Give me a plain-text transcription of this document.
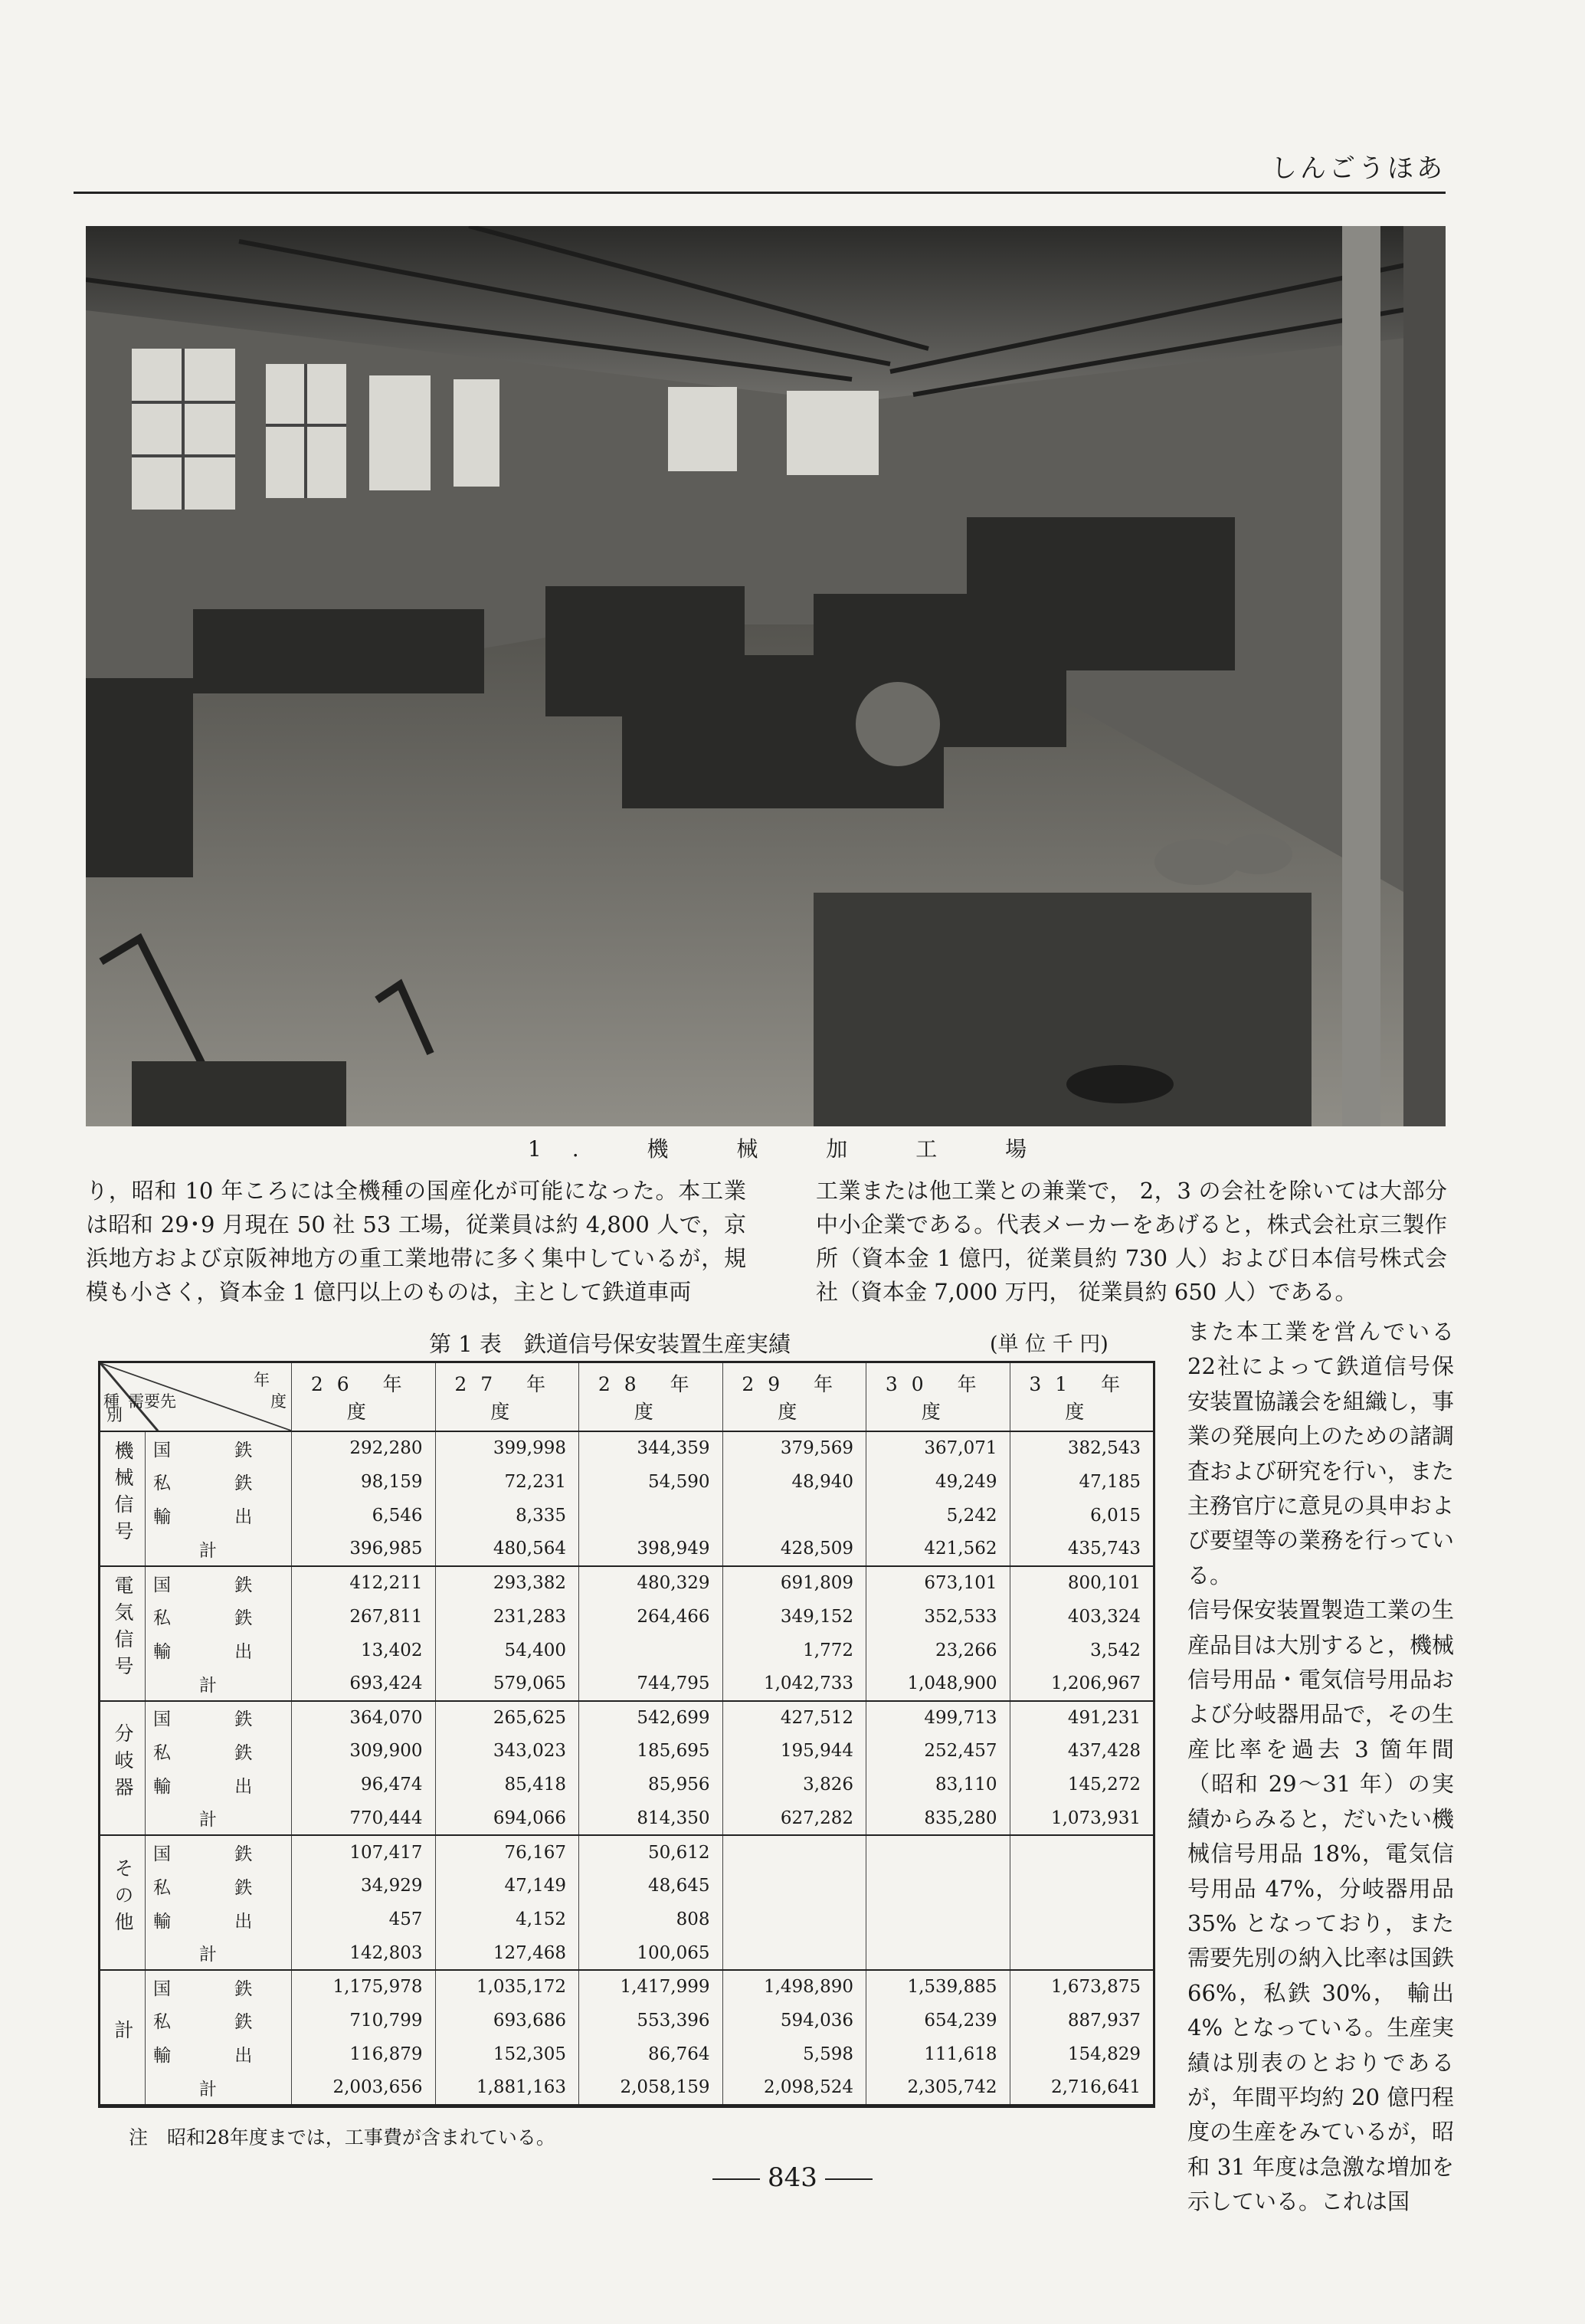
しんごうほあ
1. 機 械 加 工 場

り，昭和 10 年ころには全機種の国産化が可能になった。本工業は昭和 29･9 月現在 50 社 53 工場，従業員は約 4,800 人で，京浜地方および京阪神地方の重工業地帯に多く集中しているが，規模も小さく，資本金 1 億円以上のものは，主として鉄道車両

工業または他工業との兼業で， 2，3 の会社を除いては大部分中小企業である。代表メーカーをあげると，株式会社京三製作所（資本金 1 億円，従業員約 730 人）および日本信号株式会社（資本金 7,000 万円， 従業員約 650 人）である。

第 1 表　鉄道信号保安装置生産実績	(単 位 千 円)
年
度
需要先
種
別		26 年 度	27 年 度	28 年 度	29 年 度	30 年 度	31 年 度
機械信号	国 鉄	292,280	399,998	344,359	379,569	367,071	382,543
	私 鉄	98,159	72,231	54,590	48,940	49,249	47,185
	輸 出	6,546	8,335			5,242	6,015
	計	396,985	480,564	398,949	428,509	421,562	435,743
電気信号	国 鉄	412,211	293,382	480,329	691,809	673,101	800,101
	私 鉄	267,811	231,283	264,466	349,152	352,533	403,324
	輸 出	13,402	54,400		1,772	23,266	3,542
	計	693,424	579,065	744,795	1,042,733	1,048,900	1,206,967
分岐器	国 鉄	364,070	265,625	542,699	427,512	499,713	491,231
	私 鉄	309,900	343,023	185,695	195,944	252,457	437,428
	輸 出	96,474	85,418	85,956	3,826	83,110	145,272
	計	770,444	694,066	814,350	627,282	835,280	1,073,931
その他	国 鉄	107,417	76,167	50,612			
	私 鉄	34,929	47,149	48,645			
	輸 出	457	4,152	808			
	計	142,803	127,468	100,065			
計	国 鉄	1,175,978	1,035,172	1,417,999	1,498,890	1,539,885	1,673,875
	私 鉄	710,799	693,686	553,396	594,036	654,239	887,937
	輸 出	116,879	152,305	86,764	5,598	111,618	154,829
	計	2,003,656	1,881,163	2,058,159	2,098,524	2,305,742	2,716,641
注　昭和28年度までは，工事費が含まれている。
843

また本工業を営んでいる22社によって鉄道信号保安装置協議会を組織し，事業の発展向上のための諸調査および研究を行い，また主務官庁に意見の具申および要望等の業務を行っている。

信号保安装置製造工業の生産品目は大別すると，機械信号用品・電気信号用品および分岐器用品で，その生産比率を過去 3 箇年間（昭和 29～31 年）の実績からみると，だいたい機械信号用品 18%，電気信号用品 47%，分岐器用品 35% となっており，また需要先別の納入比率は国鉄 66%，私鉄 30%， 輸出 4% となっている。生産実績は別表のとおりであるが，年間平均約 20 億円程度の生産をみているが，昭和 31 年度は急激な増加を示している。これは国
